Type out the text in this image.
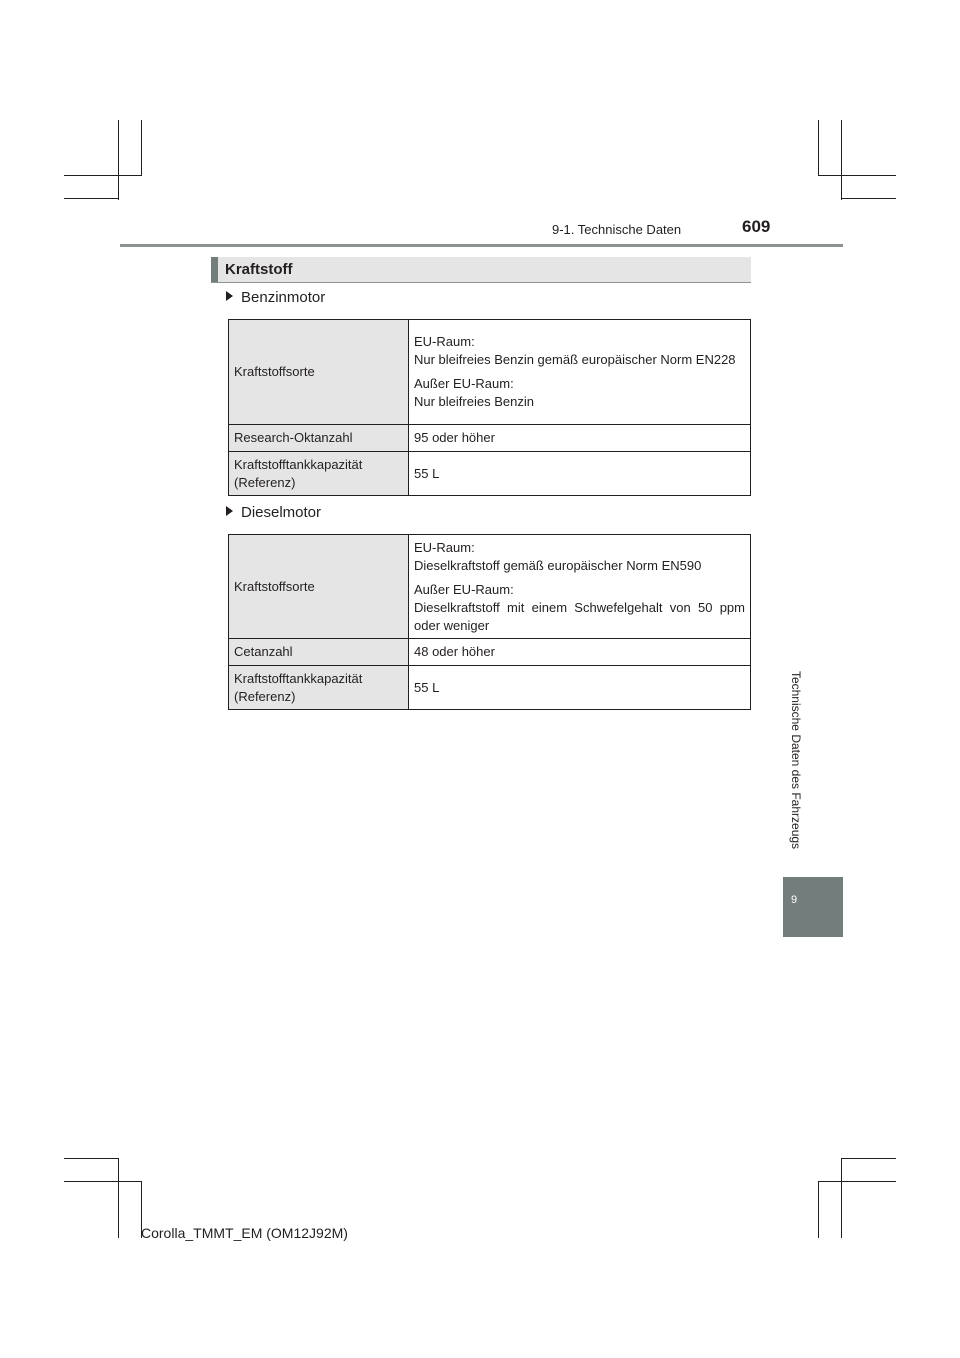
9-1. Technische Daten	609
Technische Daten des Fahrzeugs
9
Kraftstoff
Benzinmotor
Kraftstoffsorte	EU-Raum:

Nur bleifreies Benzin gemäß europäischer Norm EN228

Außer EU-Raum:

Nur bleifreies Benzin

Research-Oktanzahl	95 oder höher
Kraftstofftankkapazität
(Referenz)	55 L
Dieselmotor
Kraftstoffsorte	EU-Raum:

Dieselkraftstoff gemäß europäischer Norm EN590

Außer EU-Raum:

Dieselkraftstoff mit einem Schwefelgehalt von 50 ppm oder weniger

Cetanzahl	48 oder höher
Kraftstofftankkapazität
(Referenz)	55 L
Corolla_TMMT_EM (OM12J92M)
